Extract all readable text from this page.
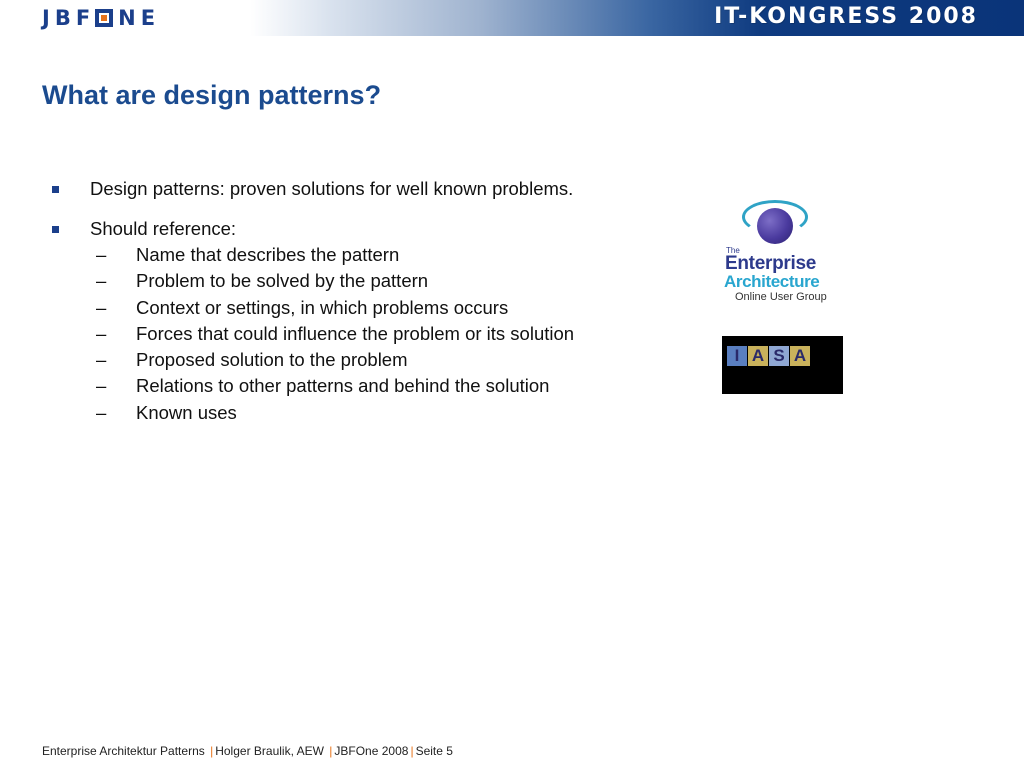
JBF NE	IT-KONGRESS 2008
What are design patterns?
Design patterns: proven solutions for well known problems.
Should reference:
–	Name that describes the pattern
–	Problem to be solved by the pattern
–	Context or settings, in which problems occurs
–	Forces that could influence the problem or its solution
–	Proposed solution to the problem
–	Relations to other patterns and behind the solution
–	Known uses
The
Enterprise
Architecture
Online User Group
I A S A
Enterprise Architektur Patterns | Holger Braulik, AEW | JBFOne 2008 | Seite 5
